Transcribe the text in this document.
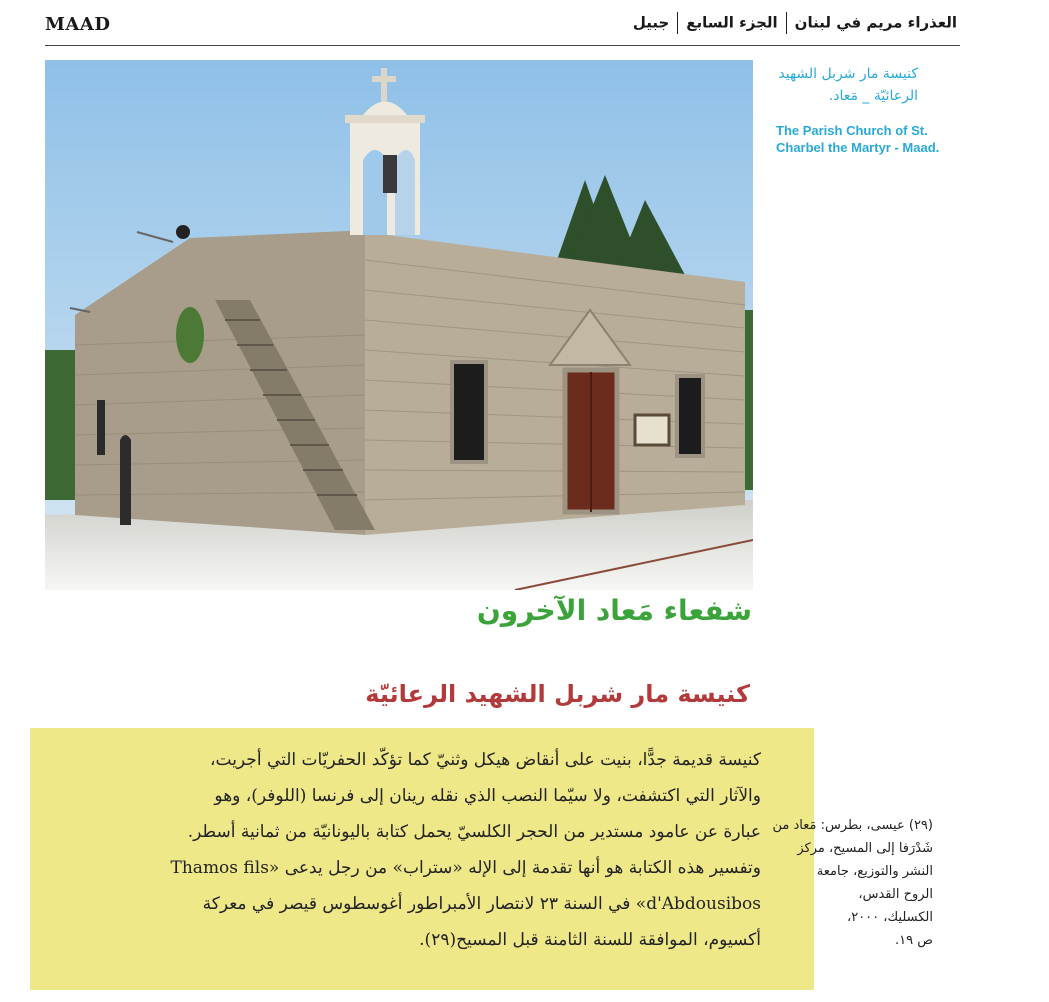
MAAD	العذراء مريم في لبنانالجزء السابعجبيل
كنيسة مار شربل الشهيد
الرعائيّة _ مَعاد.
The Parish Church of St.
Charbel the Martyr - Maad.
شفعاء مَعاد الآخرون
كنيسة مار شربل الشهيد الرعائيّة
كنيسة قديمة جدًّا، بنيت على أنقاض هيكل وثنيّ كما تؤكّد الحفريّات التي أجريت،
والآثار التي اكتشفت، ولا سيّما النصب الذي نقله رينان إلى فرنسا (اللوفر)، وهو
عبارة عن عامود مستدير من الحجر الكلسيّ يحمل كتابة باليونانيّة من ثمانية أسطر.
وتفسير هذه الكتابة هو أنها تقدمة إلى الإله «ستراب» من رجل يدعى «Thamos fils
d'Abdousibos» في السنة ٢٣ لانتصار الأمبراطور أغوسطوس قيصر في معركة
أكسيوم، الموافقة للسنة الثامنة قبل المسيح(٢٩).
(٢٩) عيسى، بطرس: مَعاد من
شَدْرَفا إلى المسيح، مركز
النشر والتوزيع، جامعة
الروح القدس،
الكسليك، ٢٠٠٠،
ص ١٩.
